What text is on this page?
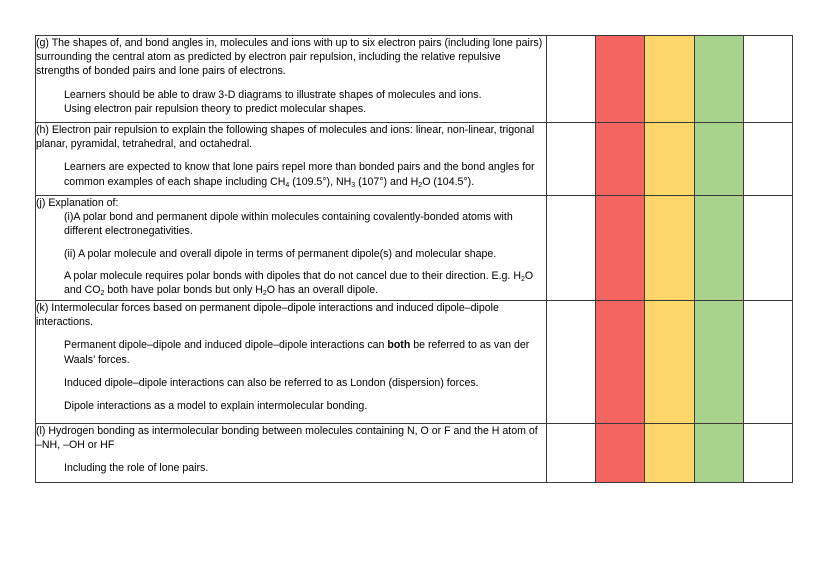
(g) The shapes of, and bond angles in, molecules and ions with up to six electron pairs (including lone pairs) surrounding the central atom as predicted by electron pair repulsion, including the relative repulsive strengths of bonded pairs and lone pairs of electrons.

Learners should be able to draw 3-D diagrams to illustrate shapes of molecules and ions.

Using electron pair repulsion theory to predict molecular shapes.					

(h) Electron pair repulsion to explain the following shapes of molecules and ions: linear, non-linear, trigonal planar, pyramidal, tetrahedral, and octahedral.

Learners are expected to know that lone pairs repel more than bonded pairs and the bond angles for common examples of each shape including $CH_4$ (109.5°), $NH_3$ (107°) and $H_2O$ (104.5°).					

(j) Explanation of:

(i)A polar bond and permanent dipole within molecules containing covalently-bonded atoms with different electronegativities.

(ii) A polar molecule and overall dipole in terms of permanent dipole(s) and molecular shape.

A polar molecule requires polar bonds with dipoles that do not cancel due to their direction. E.g. $H_2O$ and $CO_2$ both have polar bonds but only $H_2O$ has an overall dipole.					

(k) Intermolecular forces based on permanent dipole–dipole interactions and induced dipole–dipole interactions.

Permanent dipole–dipole and induced dipole–dipole interactions can both be referred to as van der Waals’ forces.

Induced dipole–dipole interactions can also be referred to as London (dispersion) forces.

Dipole interactions as a model to explain intermolecular bonding.					

(l) Hydrogen bonding as intermolecular bonding between molecules containing N, O or F and the H atom of –NH, –OH or HF

Including the role of lone pairs.					
